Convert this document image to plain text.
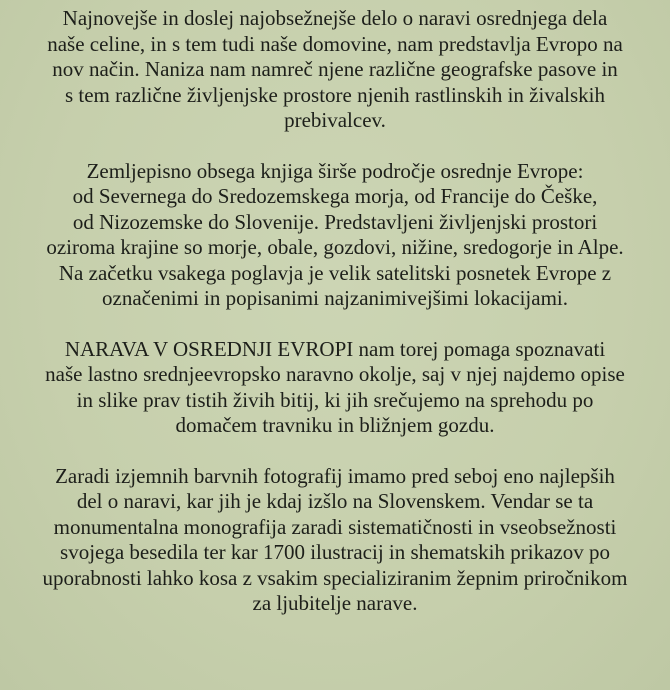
Najnovejše in doslej najobsežnejše delo o naravi osrednjega dela
naše celine, in s tem tudi naše domovine, nam predstavlja Evropo na
nov način. Naniza nam namreč njene različne geografske pasove in
s tem različne življenjske prostore njenih rastlinskih in živalskih
prebivalcev.
Zemljepisno obsega knjiga širše področje osrednje Evrope:
od Severnega do Sredozemskega morja, od Francije do Češke,
od Nizozemske do Slovenije. Predstavljeni življenjski prostori
oziroma krajine so morje, obale, gozdovi, nižine, sredogorje in Alpe.
Na začetku vsakega poglavja je velik satelitski posnetek Evrope z
označenimi in popisanimi najzanimivejšimi lokacijami.
NARAVA V OSREDNJI EVROPI nam torej pomaga spoznavati
naše lastno srednjeevropsko naravno okolje, saj v njej najdemo opise
in slike prav tistih živih bitij, ki jih srečujemo na sprehodu po
domačem travniku in bližnjem gozdu.
Zaradi izjemnih barvnih fotografij imamo pred seboj eno najlepših
del o naravi, kar jih je kdaj izšlo na Slovenskem. Vendar se ta
monumentalna monografija zaradi sistematičnosti in vseobsežnosti
svojega besedila ter kar 1700 ilustracij in shematskih prikazov po
uporabnosti lahko kosa z vsakim specializiranim žepnim priročnikom
za ljubitelje narave.
